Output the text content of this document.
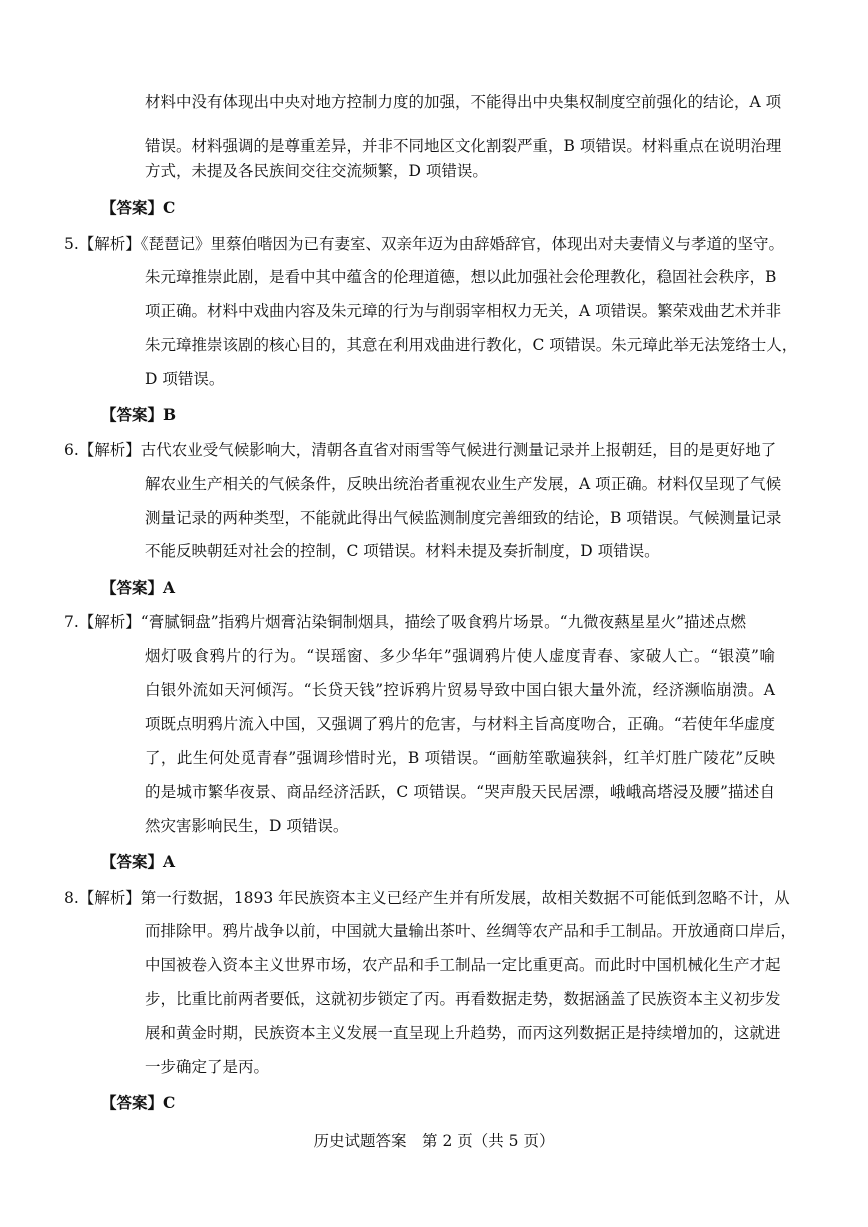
材料中没有体现出中央对地方控制力度的加强，不能得出中央集权制度空前强化的结论，A 项
错误。材料强调的是尊重差异，并非不同地区文化割裂严重，B 项错误。材料重点在说明治理
方式，未提及各民族间交往交流频繁，D 项错误。
【答案】C
5.【解析】《琵琶记》里蔡伯喈因为已有妻室、双亲年迈为由辞婚辞官，体现出对夫妻情义与孝道的坚守。
朱元璋推崇此剧，是看中其中蕴含的伦理道德，想以此加强社会伦理教化，稳固社会秩序，B
项正确。材料中戏曲内容及朱元璋的行为与削弱宰相权力无关，A 项错误。繁荣戏曲艺术并非
朱元璋推崇该剧的核心目的，其意在利用戏曲进行教化，C 项错误。朱元璋此举无法笼络士人，
D 项错误。
【答案】B
6.【解析】古代农业受气候影响大，清朝各直省对雨雪等气候进行测量记录并上报朝廷，目的是更好地了
解农业生产相关的气候条件，反映出统治者重视农业生产发展，A 项正确。材料仅呈现了气候
测量记录的两种类型，不能就此得出气候监测制度完善细致的结论，B 项错误。气候测量记录
不能反映朝廷对社会的控制，C 项错误。材料未提及奏折制度，D 项错误。
【答案】A
7.【解析】“膏腻铜盘”指鸦片烟膏沾染铜制烟具，描绘了吸食鸦片场景。“九微夜爇星星火”描述点燃
烟灯吸食鸦片的行为。“误瑶窗、多少华年”强调鸦片使人虚度青春、家破人亡。“银漠”喻
白银外流如天河倾泻。“长贷天钱”控诉鸦片贸易导致中国白银大量外流，经济濒临崩溃。A
项既点明鸦片流入中国，又强调了鸦片的危害，与材料主旨高度吻合，正确。“若使年华虚度
了，此生何处觅青春”强调珍惜时光，B 项错误。“画舫笙歌遍狭斜，红羊灯胜广陵花”反映
的是城市繁华夜景、商品经济活跃，C 项错误。“哭声殷天民居漂，峨峨高塔浸及腰”描述自
然灾害影响民生，D 项错误。
【答案】A
8.【解析】第一行数据，1893 年民族资本主义已经产生并有所发展，故相关数据不可能低到忽略不计，从
而排除甲。鸦片战争以前，中国就大量输出茶叶、丝绸等农产品和手工制品。开放通商口岸后，
中国被卷入资本主义世界市场，农产品和手工制品一定比重更高。而此时中国机械化生产才起
步，比重比前两者要低，这就初步锁定了丙。再看数据走势，数据涵盖了民族资本主义初步发
展和黄金时期，民族资本主义发展一直呈现上升趋势，而丙这列数据正是持续增加的，这就进
一步确定了是丙。
【答案】C
历史试题答案　第 2 页（共 5 页）
